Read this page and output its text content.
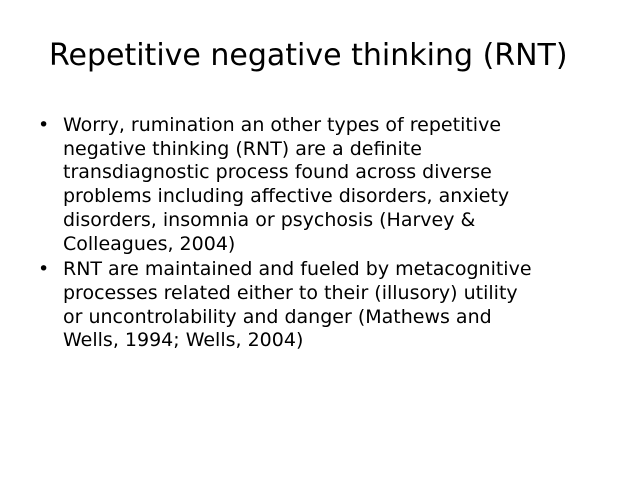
Repetitive negative thinking (RNT)
• Worry, rumination an other types of repetitive
negative thinking (RNT) are a definite
transdiagnostic process found across diverse
problems including affective disorders, anxiety
disorders, insomnia or psychosis (Harvey &
Colleagues, 2004)
• RNT are maintained and fueled by metacognitive
processes related either to their (illusory) utility
or uncontrolability and danger (Mathews and
Wells, 1994; Wells, 2004)
